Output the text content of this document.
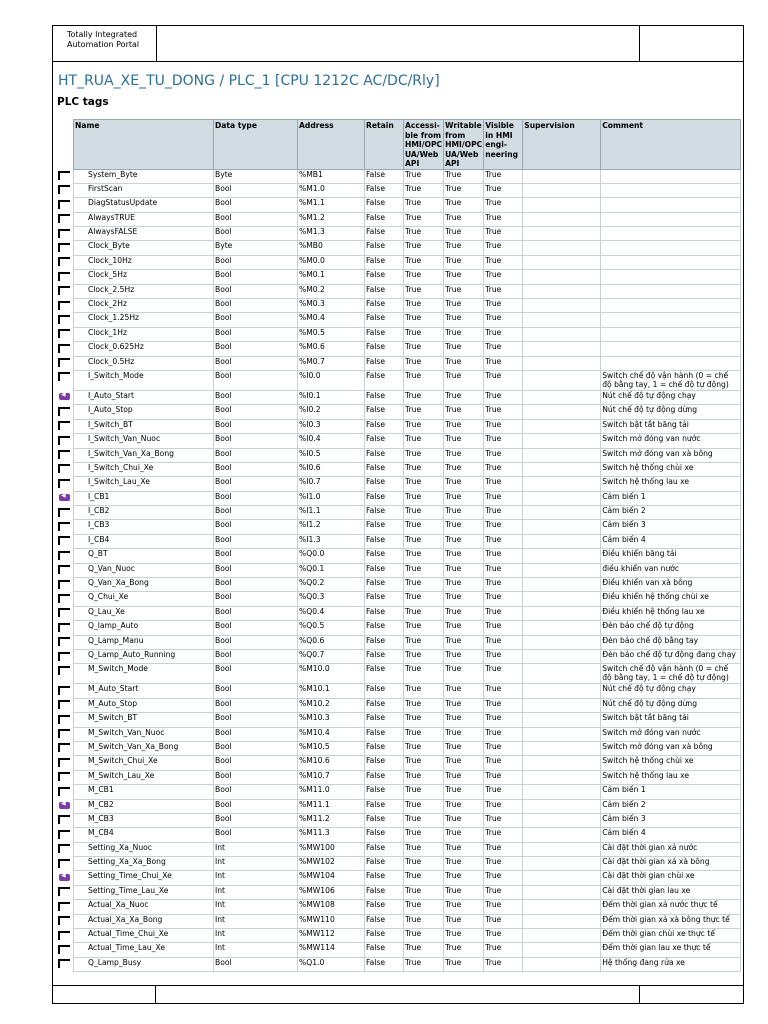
Totally Integrated
Automation Portal
HT_RUA_XE_TU_DONG / PLC_1 [CPU 1212C AC/DC/Rly]
PLC tags
◀
◀
◀
◀
Name	Data type	Address	Retain	Accessi-ble from HMI/OPC UA/Web API	Writable from HMI/OPC UA/Web API	Visible in HMI engi-neering	Supervision	Comment
System_Byte	Byte	%MB1	False	True	True	True		
FirstScan	Bool	%M1.0	False	True	True	True		
DiagStatusUpdate	Bool	%M1.1	False	True	True	True		
AlwaysTRUE	Bool	%M1.2	False	True	True	True		
AlwaysFALSE	Bool	%M1.3	False	True	True	True		
Clock_Byte	Byte	%MB0	False	True	True	True		
Clock_10Hz	Bool	%M0.0	False	True	True	True		
Clock_5Hz	Bool	%M0.1	False	True	True	True		
Clock_2.5Hz	Bool	%M0.2	False	True	True	True		
Clock_2Hz	Bool	%M0.3	False	True	True	True		
Clock_1.25Hz	Bool	%M0.4	False	True	True	True		
Clock_1Hz	Bool	%M0.5	False	True	True	True		
Clock_0.625Hz	Bool	%M0.6	False	True	True	True		
Clock_0.5Hz	Bool	%M0.7	False	True	True	True		
I_Switch_Mode	Bool	%I0.0	False	True	True	True		Switch chế độ vận hành (0 = chế độ bằng tay, 1 = chế độ tự động)
I_Auto_Start	Bool	%I0.1	False	True	True	True		Nút chế độ tự động chạy
I_Auto_Stop	Bool	%I0.2	False	True	True	True		Nút chế độ tự động dừng
I_Switch_BT	Bool	%I0.3	False	True	True	True		Switch bật tắt băng tải
I_Switch_Van_Nuoc	Bool	%I0.4	False	True	True	True		Switch mở đóng van nước
I_Switch_Van_Xa_Bong	Bool	%I0.5	False	True	True	True		Switch mở đóng van xà bông
I_Switch_Chui_Xe	Bool	%I0.6	False	True	True	True		Switch hệ thống chùi xe
I_Switch_Lau_Xe	Bool	%I0.7	False	True	True	True		Switch hệ thống lau xe
I_CB1	Bool	%I1.0	False	True	True	True		Cảm biến 1
I_CB2	Bool	%I1.1	False	True	True	True		Cảm biến 2
I_CB3	Bool	%I1.2	False	True	True	True		Cảm biến 3
I_CB4	Bool	%I1.3	False	True	True	True		Cảm biến 4
Q_BT	Bool	%Q0.0	False	True	True	True		Điều khiển băng tải
Q_Van_Nuoc	Bool	%Q0.1	False	True	True	True		điều khiển van nước
Q_Van_Xa_Bong	Bool	%Q0.2	False	True	True	True		Điều khiển van xà bông
Q_Chui_Xe	Bool	%Q0.3	False	True	True	True		Điều khiển hệ thống chùi xe
Q_Lau_Xe	Bool	%Q0.4	False	True	True	True		Điều khiển hệ thống lau xe
Q_lamp_Auto	Bool	%Q0.5	False	True	True	True		Đèn báo chế độ tự động
Q_Lamp_Manu	Bool	%Q0.6	False	True	True	True		Đèn báo chế độ bằng tay
Q_Lamp_Auto_Running	Bool	%Q0.7	False	True	True	True		Đèn báo chế độ tự động đang chạy
M_Switch_Mode	Bool	%M10.0	False	True	True	True		Switch chế độ vận hành (0 = chế độ bằng tay, 1 = chế độ tự động)
M_Auto_Start	Bool	%M10.1	False	True	True	True		Nút chế độ tự động chạy
M_Auto_Stop	Bool	%M10.2	False	True	True	True		Nút chế độ tự động dừng
M_Switch_BT	Bool	%M10.3	False	True	True	True		Switch bật tắt băng tải
M_Switch_Van_Nuoc	Bool	%M10.4	False	True	True	True		Switch mở đóng van nước
M_Switch_Van_Xa_Bong	Bool	%M10.5	False	True	True	True		Switch mở đóng van xà bông
M_Switch_Chui_Xe	Bool	%M10.6	False	True	True	True		Switch hệ thống chùi xe
M_Switch_Lau_Xe	Bool	%M10.7	False	True	True	True		Switch hệ thống lau xe
M_CB1	Bool	%M11.0	False	True	True	True		Cảm biến 1
M_CB2	Bool	%M11.1	False	True	True	True		Cảm biến 2
M_CB3	Bool	%M11.2	False	True	True	True		Cảm biến 3
M_CB4	Bool	%M11.3	False	True	True	True		Cảm biến 4
Setting_Xa_Nuoc	Int	%MW100	False	True	True	True		Cài đặt thời gian xả nước
Setting_Xa_Xa_Bong	Int	%MW102	False	True	True	True		Cài đặt thời gian xả xà bông
Setting_Time_Chui_Xe	Int	%MW104	False	True	True	True		Cài đặt thời gian chùi xe
Setting_Time_Lau_Xe	Int	%MW106	False	True	True	True		Cài đặt thời gian lau xe
Actual_Xa_Nuoc	Int	%MW108	False	True	True	True		Đếm thời gian xả nước thực tế
Actual_Xa_Xa_Bong	Int	%MW110	False	True	True	True		Đếm thời gian xả xà bông thực tế
Actual_Time_Chui_Xe	Int	%MW112	False	True	True	True		Đếm thời gian chùi xe thực tế
Actual_Time_Lau_Xe	Int	%MW114	False	True	True	True		Đếm thời gian lau xe thực tế
Q_Lamp_Busy	Bool	%Q1.0	False	True	True	True		Hệ thống đang rửa xe
